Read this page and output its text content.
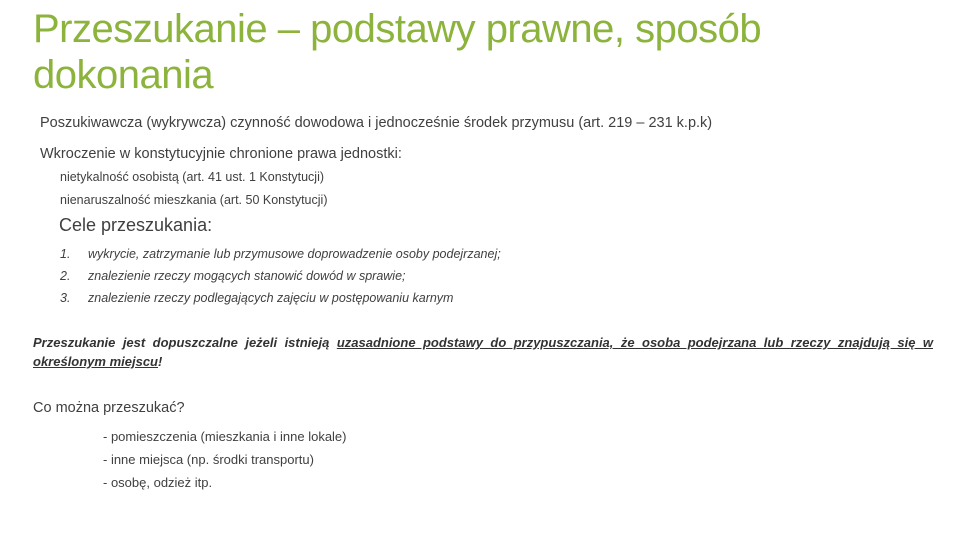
Przeszukanie – podstawy prawne, sposób dokonania

Poszukiwawcza (wykrywcza) czynność dowodowa i jednocześnie środek przymusu (art. 219 – 231 k.p.k)

Wkroczenie w konstytucyjnie chronione prawa jednostki:

nietykalność osobistą (art. 41 ust. 1 Konstytucji)

nienaruszalność mieszkania (art. 50 Konstytucji)

Cele przeszukania:

1. wykrycie, zatrzymanie lub przymusowe doprowadzenie osoby podejrzanej;
2. znalezienie rzeczy mogących stanowić dowód w sprawie;
3. znalezienie rzeczy podlegających zajęciu w postępowaniu karnym

Przeszukanie jest dopuszczalne jeżeli istnieją uzasadnione podstawy do przypuszczania, że osoba podejrzana lub rzeczy znajdują się w określonym miejscu!

Co można przeszukać?

- pomieszczenia (mieszkania i inne lokale)
- inne miejsca (np. środki transportu)
- osobę, odzież itp.
